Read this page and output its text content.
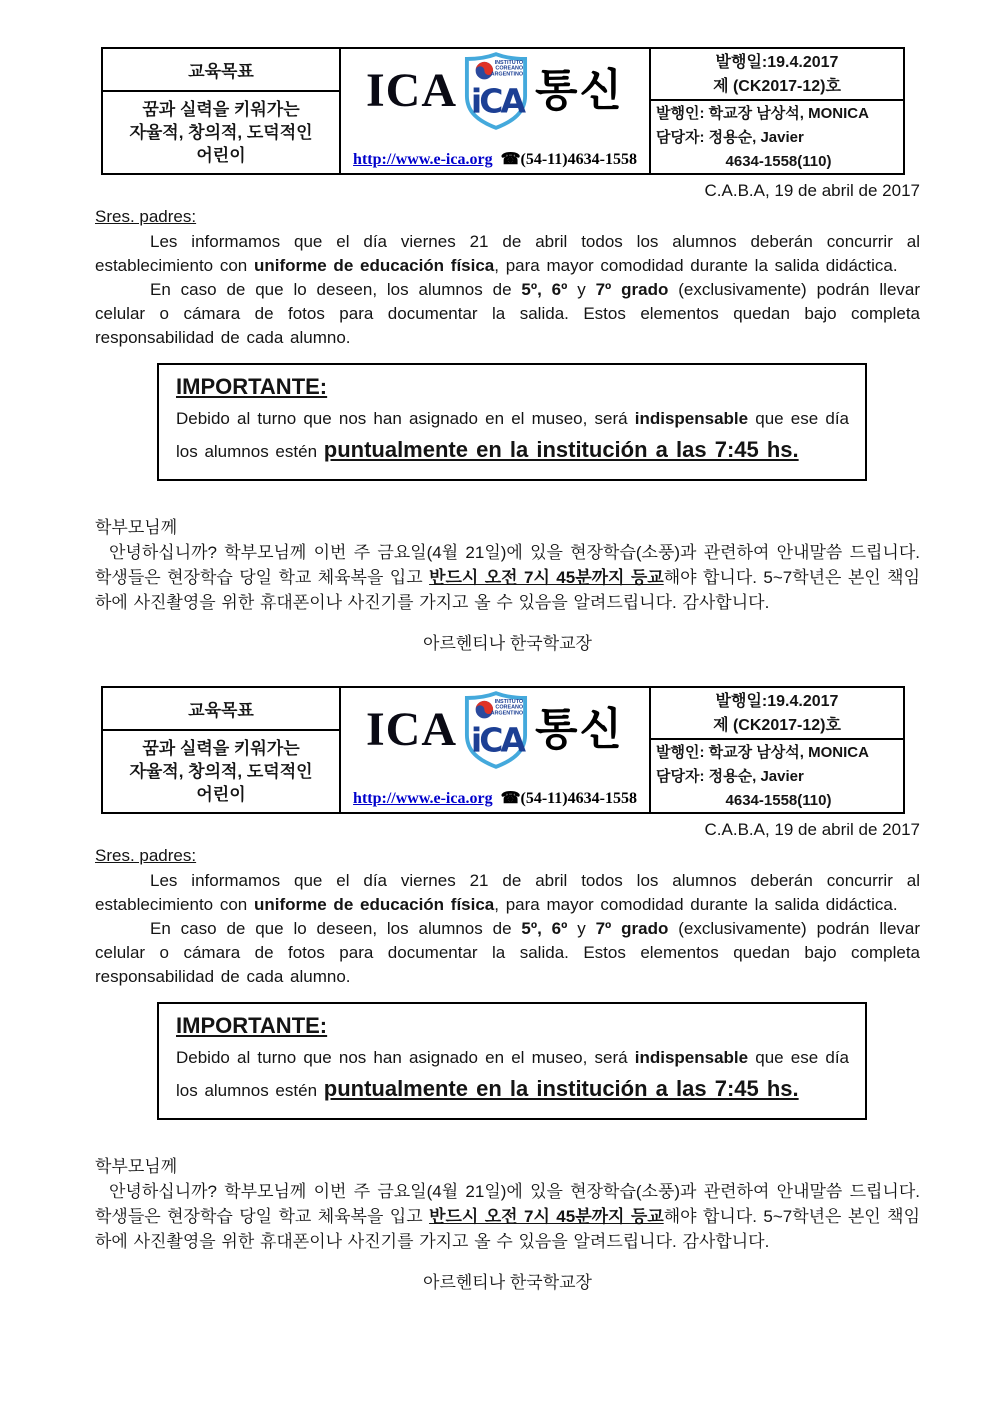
교육목표
꿈과 실력을 키워가는
자율적, 창의적, 도덕적인
어린이
ICA
INSTITUTO
COREANO
ARGENTINO
iCA 통신
http://www.e-ica.org ☎(54-11)4634-1558
발행일:19.4.2017
제 (CK2017-12)호
발행인: 학교장 남상석, MONICA
담당자: 정용순, Javier
4634-1558(110)
C.A.B.A, 19 de abril de 2017
Sres. padres:

Les informamos que el día viernes 21 de abril todos los alumnos deberán concurrir al establecimiento con uniforme de educación física, para mayor comodidad durante la salida didáctica.

En caso de que lo deseen, los alumnos de 5º, 6º y 7º grado (exclusivamente) podrán llevar celular o cámara de fotos para documentar la salida. Estos elementos quedan bajo completa responsabilidad de cada alumno.

IMPORTANTE:

Debido al turno que nos han asignado en el museo, será indispensable que ese día los alumnos estén puntualmente en la institución a las 7:45 hs.

학부모님께

안녕하십니까? 학부모님께 이번 주 금요일(4월 21일)에 있을 현장학습(소풍)과 관련하여 안내말씀 드립니다. 학생들은 현장학습 당일 학교 체육복을 입고 반드시 오전 7시 45분까지 등교해야 합니다. 5~7학년은 본인 책임하에 사진촬영을 위한 휴대폰이나 사진기를 가지고 올 수 있음을 알려드립니다. 감사합니다.

아르헨티나 한국학교장
교육목표
꿈과 실력을 키워가는
자율적, 창의적, 도덕적인
어린이
ICA
INSTITUTO
COREANO
ARGENTINO
iCA 통신
http://www.e-ica.org ☎(54-11)4634-1558
발행일:19.4.2017
제 (CK2017-12)호
발행인: 학교장 남상석, MONICA
담당자: 정용순, Javier
4634-1558(110)
C.A.B.A, 19 de abril de 2017
Sres. padres:

Les informamos que el día viernes 21 de abril todos los alumnos deberán concurrir al establecimiento con uniforme de educación física, para mayor comodidad durante la salida didáctica.

En caso de que lo deseen, los alumnos de 5º, 6º y 7º grado (exclusivamente) podrán llevar celular o cámara de fotos para documentar la salida. Estos elementos quedan bajo completa responsabilidad de cada alumno.

IMPORTANTE:

Debido al turno que nos han asignado en el museo, será indispensable que ese día los alumnos estén puntualmente en la institución a las 7:45 hs.

학부모님께

안녕하십니까? 학부모님께 이번 주 금요일(4월 21일)에 있을 현장학습(소풍)과 관련하여 안내말씀 드립니다. 학생들은 현장학습 당일 학교 체육복을 입고 반드시 오전 7시 45분까지 등교해야 합니다. 5~7학년은 본인 책임하에 사진촬영을 위한 휴대폰이나 사진기를 가지고 올 수 있음을 알려드립니다. 감사합니다.

아르헨티나 한국학교장
